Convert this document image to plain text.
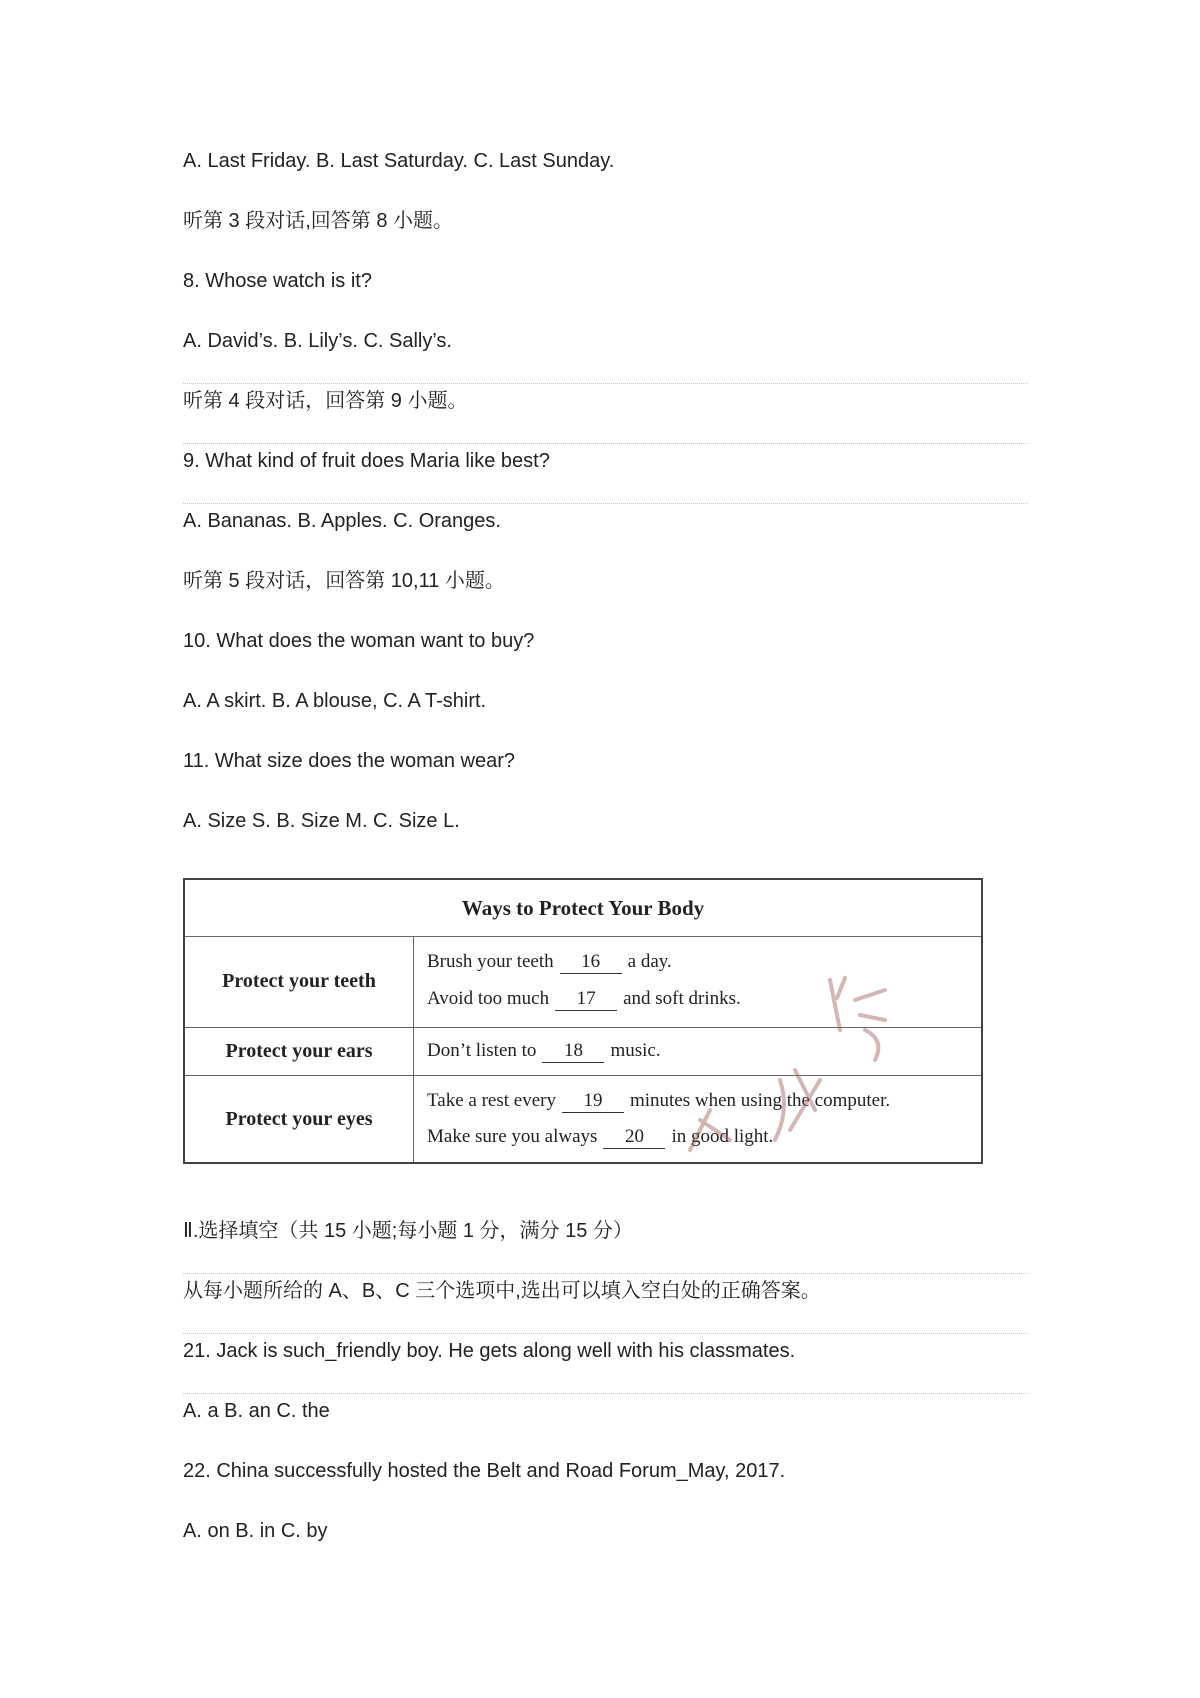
A. Last Friday. B. Last Saturday. C. Last Sunday.
听第 3 段对话,回答第 8 小题。
8. Whose watch is it?
A. David’s. B. Lily’s. C. Sally’s.
听第 4 段对话，回答第 9 小题。
9. What kind of fruit does Maria like best?
A. Bananas. B. Apples. C. Oranges.
听第 5 段对话，回答第 10,11 小题。
10. What does the woman want to buy?
A. A skirt. B. A blouse, C. A T-shirt.
11. What size does the woman wear?
A. Size S. B. Size M. C. Size L.
Ways to Protect Your Body
Protect your teeth
Brush your teeth 16 a day.
Avoid too much 17 and soft drinks.
Protect your ears	Don’t listen to 18 music.
Protect your eyes
Take a rest every 19 minutes when using the computer.
Make sure you always 20 in good light.
Ⅱ.选择填空（共 15 小题;每小题 1 分，满分 15 分）
从每小题所给的 A、B、C 三个选项中,选出可以填入空白处的正确答案。
21. Jack is such_friendly boy. He gets along well with his classmates.
A. a B. an C. the
22. China successfully hosted the Belt and Road Forum_May, 2017.
A. on B. in C. by
